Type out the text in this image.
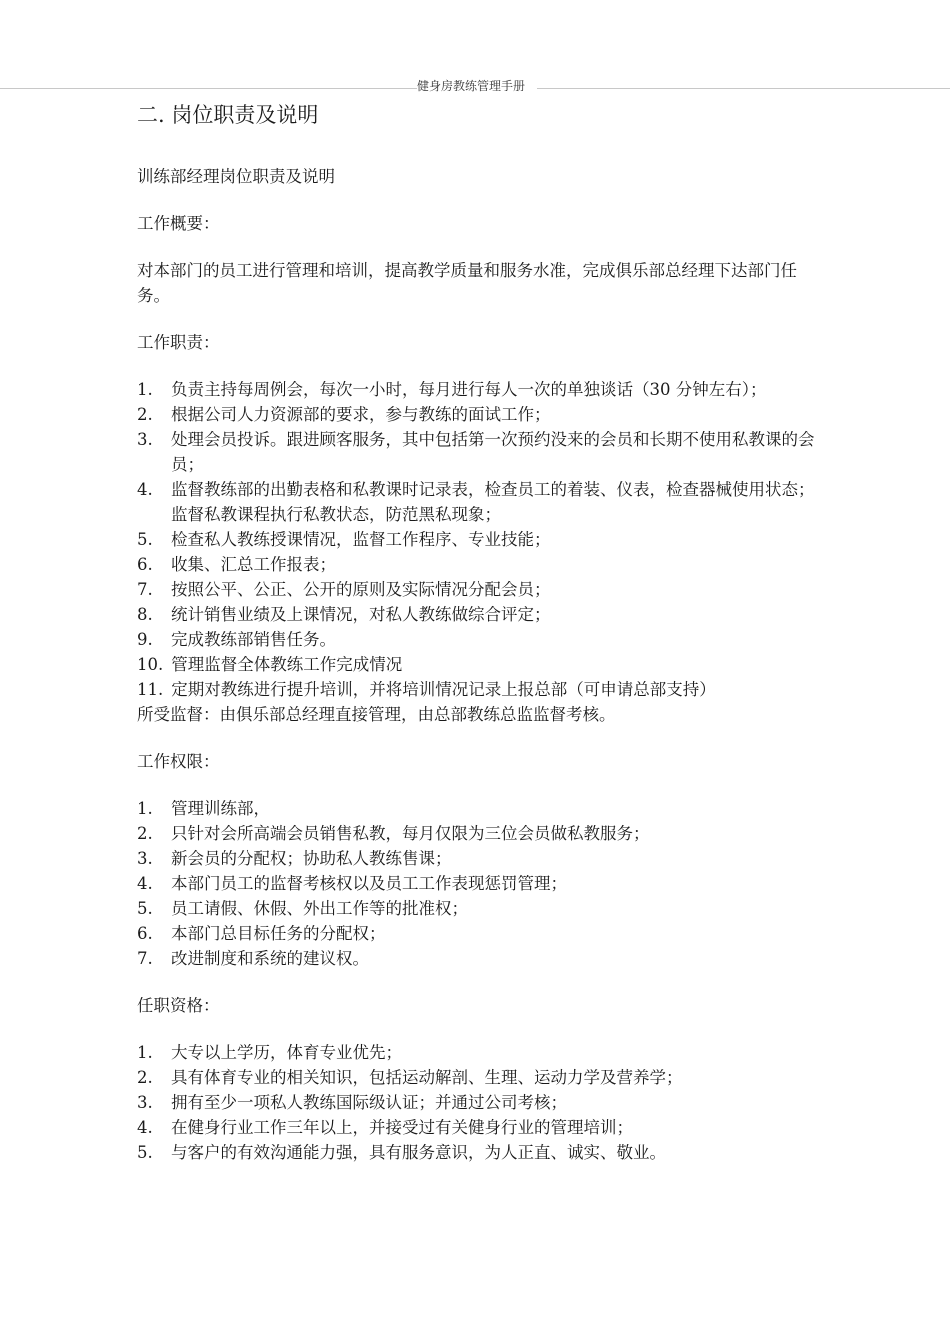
健身房教练管理手册
二. 岗位职责及说明

训练部经理岗位职责及说明

工作概要：

对本部门的员工进行管理和培训，提高教学质量和服务水准，完成俱乐部总经理下达部门任务。

工作职责：

1. 负责主持每周例会，每次一小时，每月进行每人一次的单独谈话（30 分钟左右）；
2. 根据公司人力资源部的要求，参与教练的面试工作；
3. 处理会员投诉。跟进顾客服务，其中包括第一次预约没来的会员和长期不使用私教课的会员；
4. 监督教练部的出勤表格和私教课时记录表，检查员工的着装、仪表，检查器械使用状态；监督私教课程执行私教状态，防范黑私现象；
5. 检查私人教练授课情况，监督工作程序、专业技能；
6. 收集、汇总工作报表；
7. 按照公平、公正、公开的原则及实际情况分配会员；
8. 统计销售业绩及上课情况，对私人教练做综合评定；
9. 完成教练部销售任务。
10. 管理监督全体教练工作完成情况
11. 定期对教练进行提升培训，并将培训情况记录上报总部（可申请总部支持）

所受监督：由俱乐部总经理直接管理，由总部教练总监监督考核。

工作权限：

1. 管理训练部，
2. 只针对会所高端会员销售私教，每月仅限为三位会员做私教服务；
3. 新会员的分配权；协助私人教练售课；
4. 本部门员工的监督考核权以及员工工作表现惩罚管理；
5. 员工请假、休假、外出工作等的批准权；
6. 本部门总目标任务的分配权；
7. 改进制度和系统的建议权。

任职资格：

1. 大专以上学历，体育专业优先；
2. 具有体育专业的相关知识，包括运动解剖、生理、运动力学及营养学；
3. 拥有至少一项私人教练国际级认证；并通过公司考核；
4. 在健身行业工作三年以上，并接受过有关健身行业的管理培训；
5. 与客户的有效沟通能力强，具有服务意识，为人正直、诚实、敬业。
